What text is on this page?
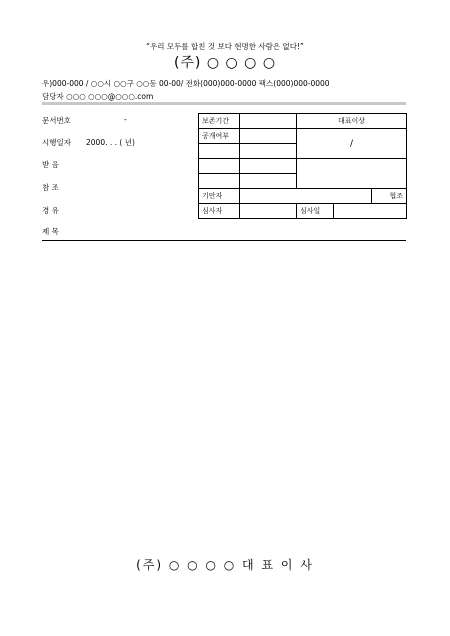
“우리 모두를 합친 것 보다 현명한 사람은 없다!”
(주) ○ ○ ○ ○
우)000-000 / ○○시 ○○구 ○○동 00-00/ 전화(000)000-0000 팩스(000)000-0000
담당자 ○○○ ○○○@○○○.com
문서번호	-
시행일자 2000. . . ( 년)
받 음
참 조
경 유
제 목
보존기간		대표이상		
공개여부		/		

기안자				협조
심사자		심사일		
(주) ○ ○ ○ ○ 대 표 이 사
